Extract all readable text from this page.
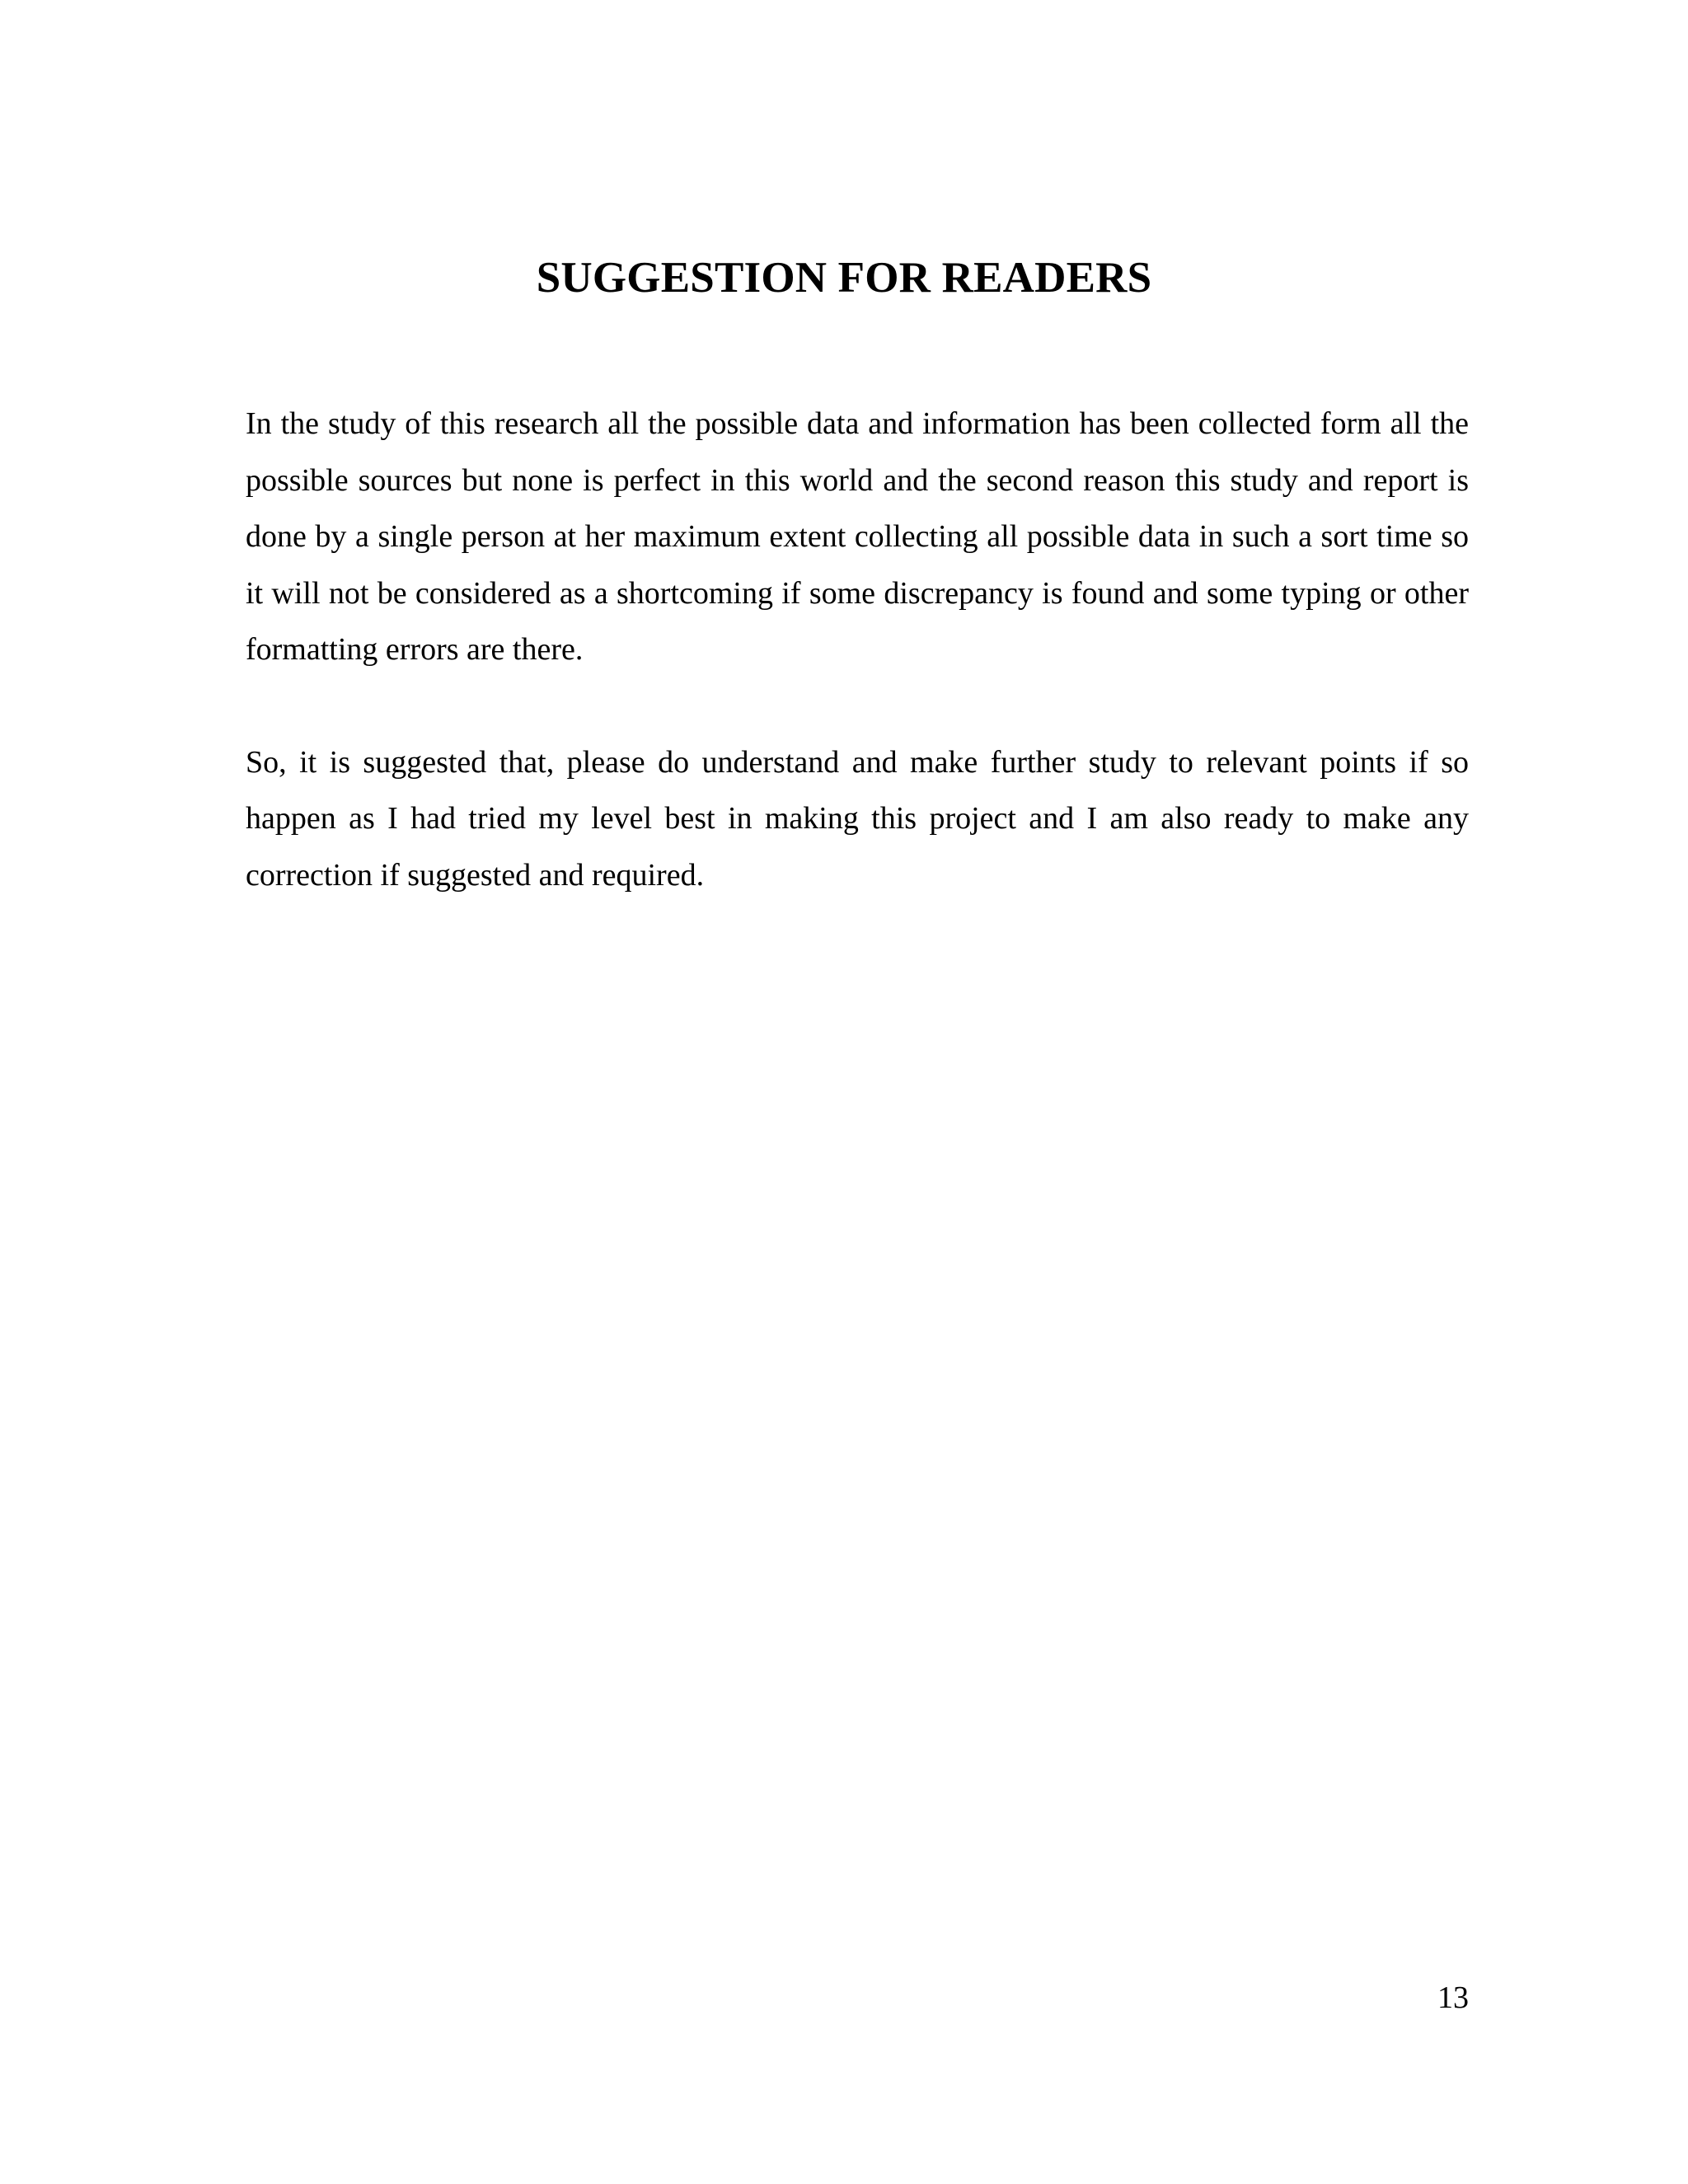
SUGGESTION FOR READERS

In the study of this research all the possible data and information has been collected form all the possible sources but none is perfect in this world and the second reason this study and report is done by a single person at her maximum extent collecting all possible data in such a sort time so it will not be considered as a shortcoming if some discrepancy is found and some typing or other formatting errors are there.

So, it is suggested that, please do understand and make further study to relevant points if so happen as I had tried my level best in making this project and I am also ready to make any correction if suggested and required.

13
